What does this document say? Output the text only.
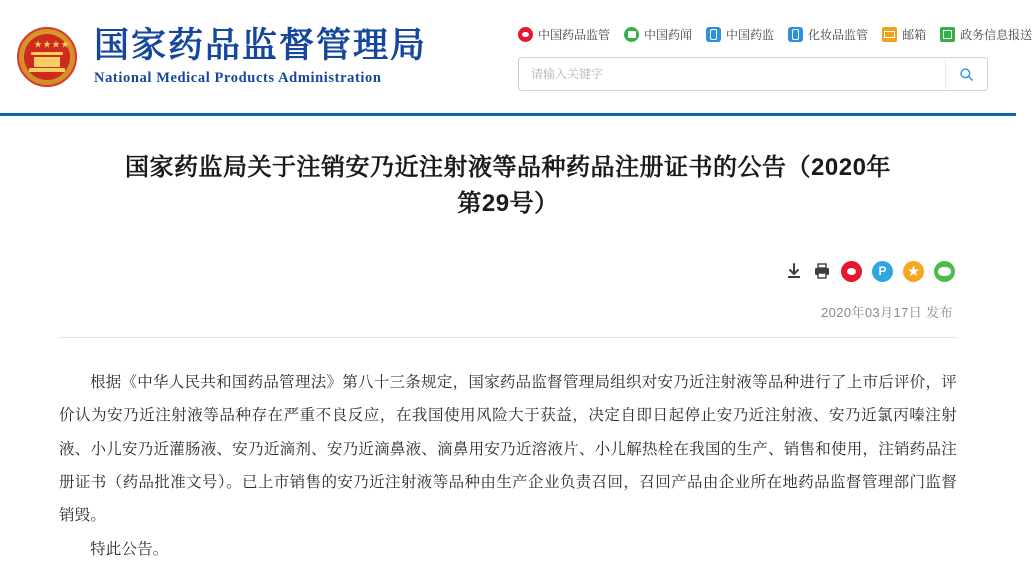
★★★★ 国家药品监督管理局
National Medical Products Administration
中国药品监管	中国药闻	中国药监	化妆品监管	邮箱	政务信息报送
请输入关键字
国家药监局关于注销安乃近注射液等品种药品注册证书的公告（2020年 第29号）
P
★
2020年03月17日 发布

根据《中华人民共和国药品管理法》第八十三条规定，国家药品监督管理局组织对安乃近注射液等品种进行了上市后评价，评价认为安乃近注射液等品种存在严重不良反应，在我国使用风险大于获益，决定自即日起停止安乃近注射液、安乃近氯丙嗪注射液、小儿安乃近灌肠液、安乃近滴剂、安乃近滴鼻液、滴鼻用安乃近溶液片、小儿解热栓在我国的生产、销售和使用，注销药品注册证书（药品批准文号）。已上市销售的安乃近注射液等品种由生产企业负责召回，召回产品由企业所在地药品监督管理部门监督销毁。

特此公告。
